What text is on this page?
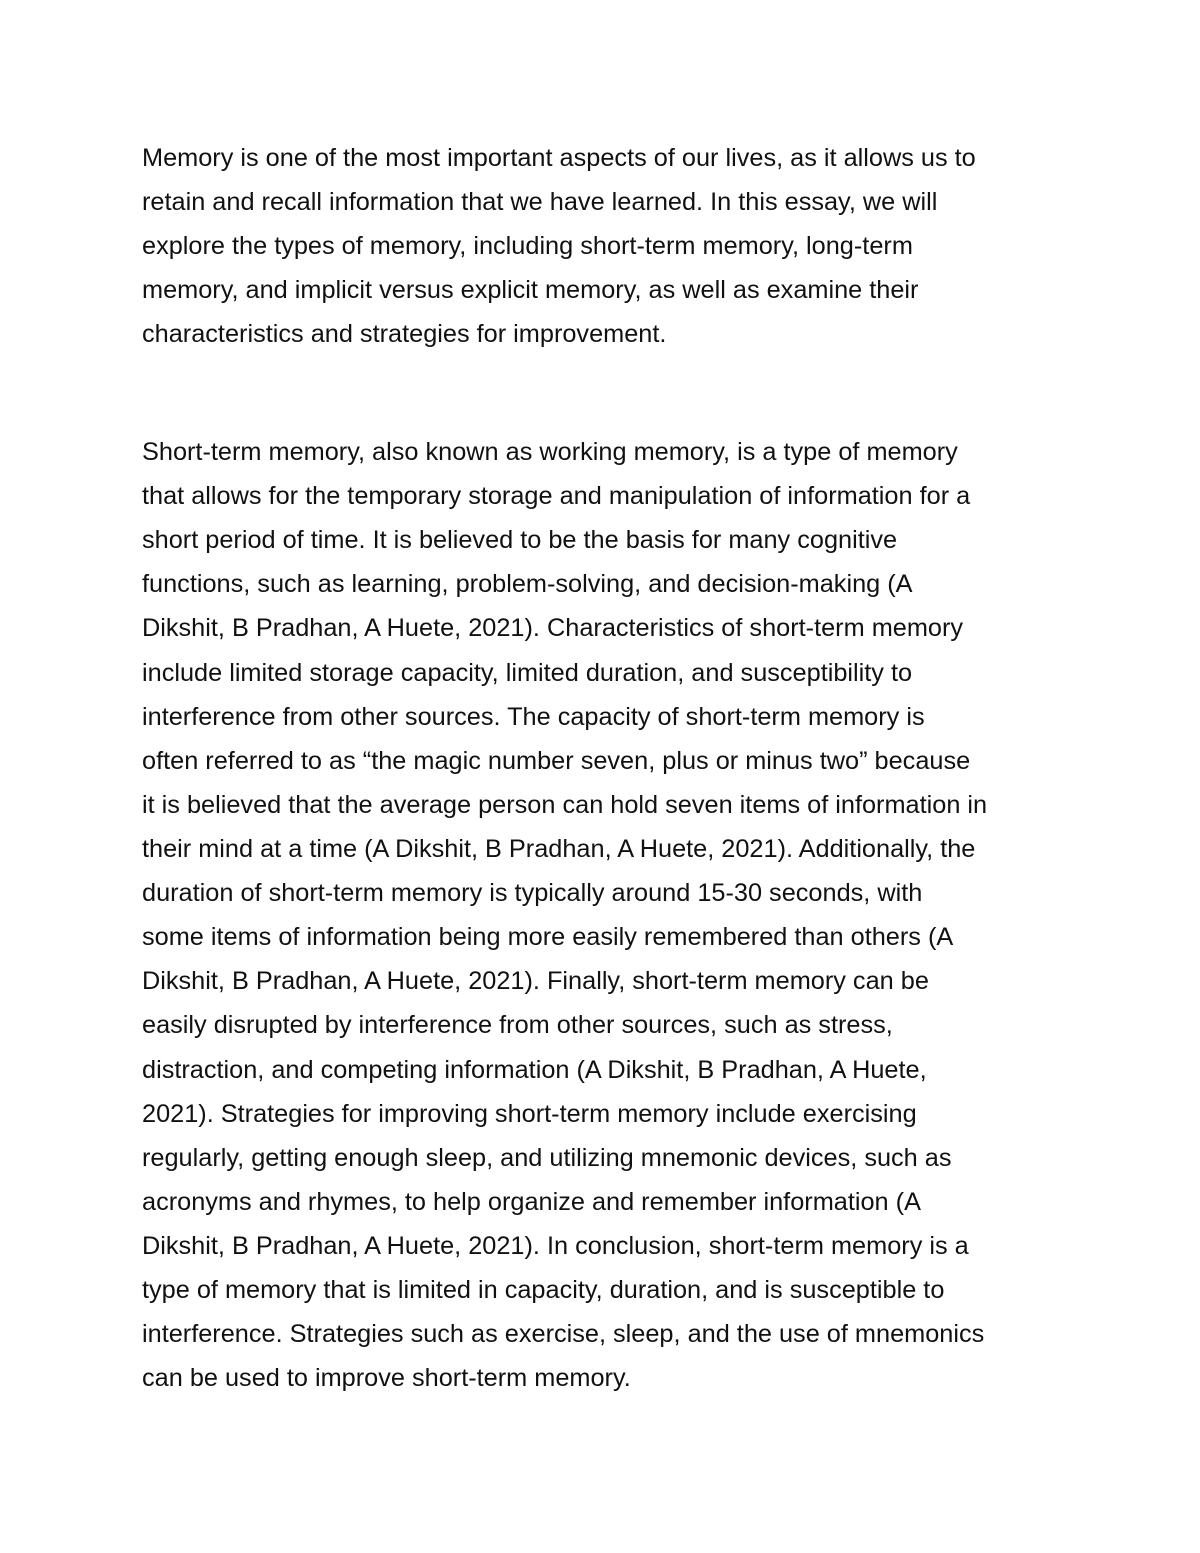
Memory is one of the most important aspects of our lives, as it allows us to
retain and recall information that we have learned. In this essay, we will
explore the types of memory, including short-term memory, long-term
memory, and implicit versus explicit memory, as well as examine their
characteristics and strategies for improvement.

Short-term memory, also known as working memory, is a type of memory
that allows for the temporary storage and manipulation of information for a
short period of time. It is believed to be the basis for many cognitive
functions, such as learning, problem-solving, and decision-making (A
Dikshit, B Pradhan, A Huete, 2021). Characteristics of short-term memory
include limited storage capacity, limited duration, and susceptibility to
interference from other sources. The capacity of short-term memory is
often referred to as “the magic number seven, plus or minus two” because
it is believed that the average person can hold seven items of information in
their mind at a time (A Dikshit, B Pradhan, A Huete, 2021). Additionally, the
duration of short-term memory is typically around 15-30 seconds, with
some items of information being more easily remembered than others (A
Dikshit, B Pradhan, A Huete, 2021). Finally, short-term memory can be
easily disrupted by interference from other sources, such as stress,
distraction, and competing information (A Dikshit, B Pradhan, A Huete,
2021). Strategies for improving short-term memory include exercising
regularly, getting enough sleep, and utilizing mnemonic devices, such as
acronyms and rhymes, to help organize and remember information (A
Dikshit, B Pradhan, A Huete, 2021). In conclusion, short-term memory is a
type of memory that is limited in capacity, duration, and is susceptible to
interference. Strategies such as exercise, sleep, and the use of mnemonics
can be used to improve short-term memory.
